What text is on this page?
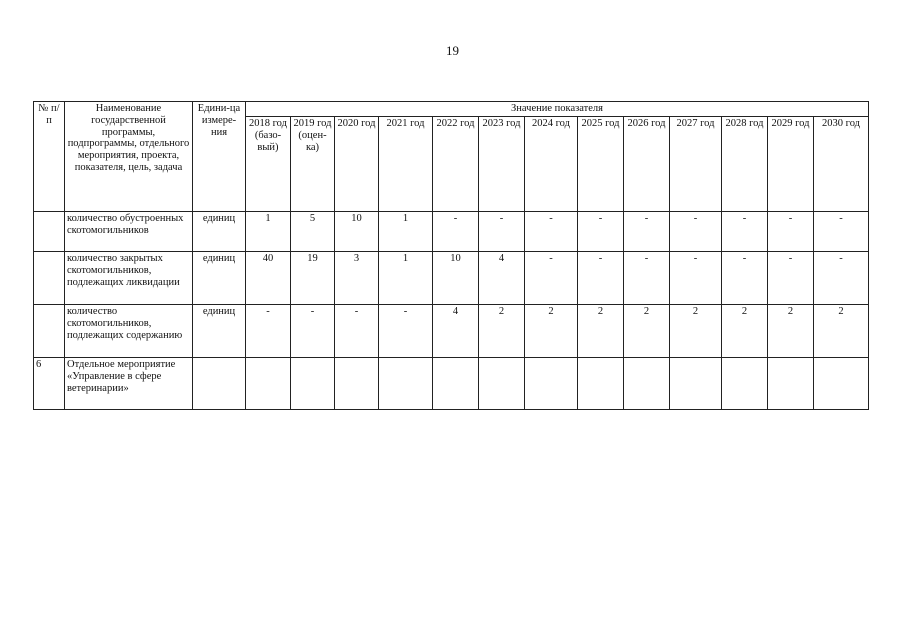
19
№ п/п	Наименование государственной программы, подпрограммы, отдельного мероприятия, проекта, показателя, цель, задача	Едини-ца измере-ния	Значение показателя												
			2018 год (базо-вый)	2019 год (оцен-ка)	2020 год	2021 год	2022 год	2023 год	2024 год	2025 год	2026 год	2027 год	2028 год	2029 год	2030 год
	количество обустроенных скотомогильников	единиц	1	5	10	1	-	-	-	-	-	-	-	-	-
	количество закрытых скотомогильников, подлежащих ликвидации	единиц	40	19	3	1	10	4	-	-	-	-	-	-	-
	количество скотомогильников, подлежащих содержанию	единиц	-	-	-	-	4	2	2	2	2	2	2	2	2
6	Отдельное мероприятие «Управление в сфере ветеринарии»														
